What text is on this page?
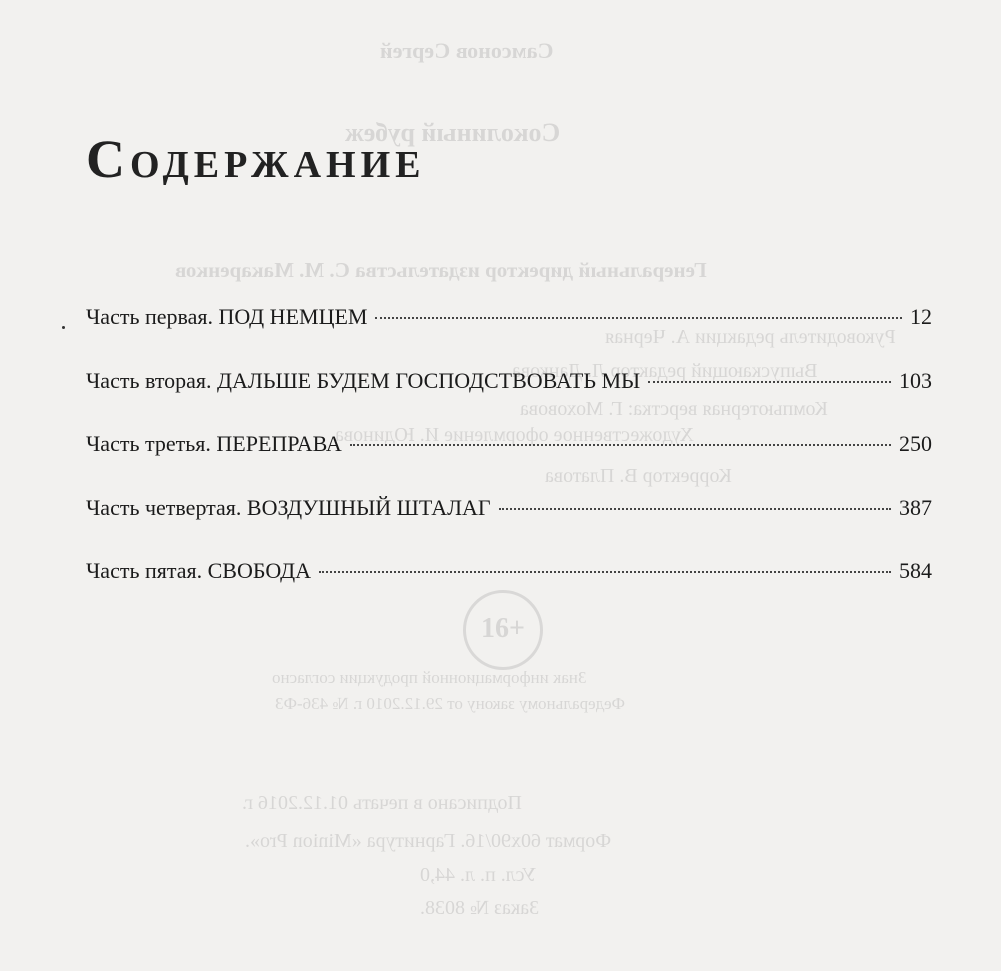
Самсонов Сергей
Соколиный рубеж
Генеральный директор издательства С. М. Макаренков
Руководитель редакции А. Черная
Выпускающий редактор Л. Данкова
Компьютерная верстка: Г. Моховова
Художественное оформление И. Юдинова
Корректор В. Платова
Знак информационной продукции согласно
Федеральному закону от 29.12.2010 г. № 436-ФЗ
Подписано в печать 01.12.2016 г.
Формат 60х90/16. Гарнитура «Minion Pro».
Усл. п. л. 44,0
Заказ № 8038.
16+
Содержание
Часть первая. ПОД НЕМЦЕМ	12
Часть вторая. ДАЛЬШЕ БУДЕМ ГОСПОДСТВОВАТЬ МЫ	103
Часть третья. ПЕРЕПРАВА	250
Часть четвертая. ВОЗДУШНЫЙ ШТАЛАГ	387
Часть пятая. СВОБОДА	584
